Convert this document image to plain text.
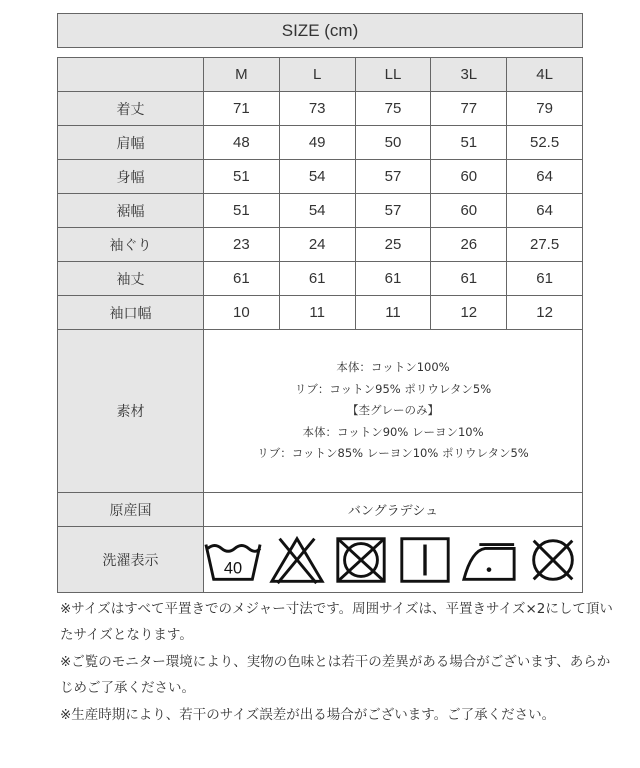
SIZE (cm)
	M	L	LL	3L	4L
着丈	71	73	75	77	79
肩幅	48	49	50	51	52.5
身幅	51	54	57	60	64
裾幅	51	54	57	60	64
袖ぐり	23	24	25	26	27.5
袖丈	61	61	61	61	61
袖口幅	10	11	11	12	12
素材	本体：コットン100%
リブ：コットン95% ポリウレタン5%
【杢グレーのみ】
本体：コットン90% レーヨン10%
リブ：コットン85% レーヨン10% ポリウレタン5%				

原産国	バングラデシュ				
洗濯表示	40				

※サイズはすべて平置きでのメジャー寸法です。周囲サイズは、平置きサイズ×2にして頂いたサイズとなります。

※ご覧のモニター環境により、実物の色味とは若干の差異がある場合がございます、あらかじめご了承ください。

※生産時期により、若干のサイズ誤差が出る場合がございます。ご了承ください。
